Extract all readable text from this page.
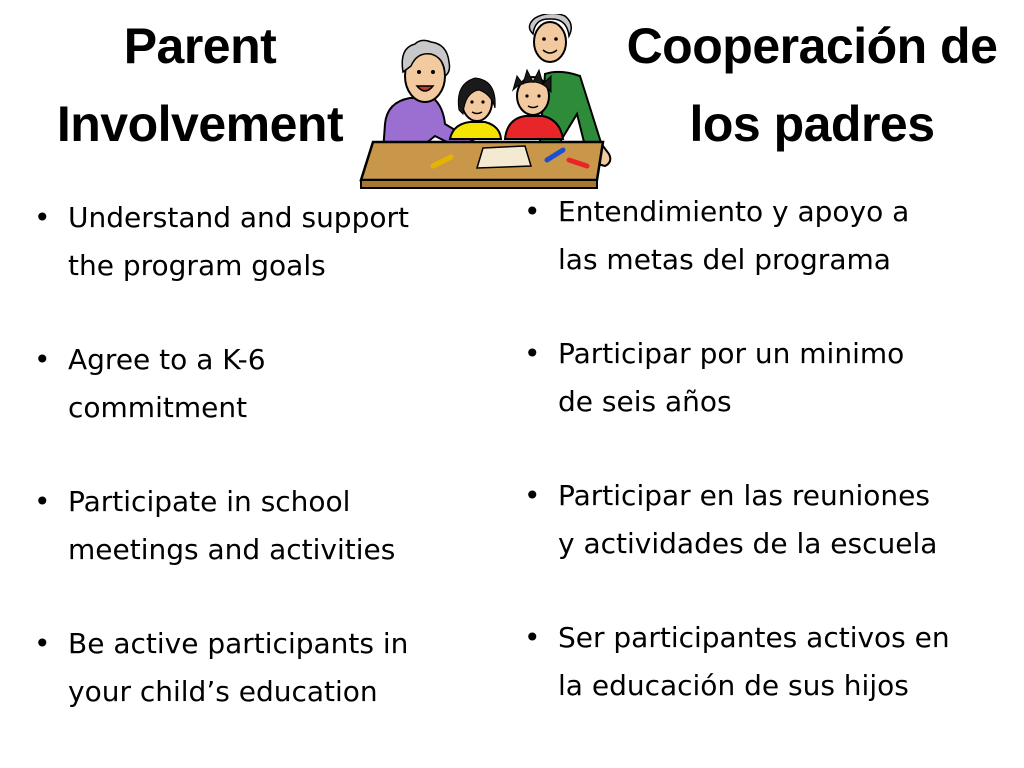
Parent
Involvement
Cooperación de
los padres
• Understand and support
the program goals
• Agree to a K-6
commitment
• Participate in school
meetings and activities
• Be active participants in
your child’s education
• Entendimiento y apoyo a
las metas del programa
• Participar por un minimo
de seis años
• Participar en las reuniones
y actividades de la escuela
• Ser participantes activos en
la educación de sus hijos
